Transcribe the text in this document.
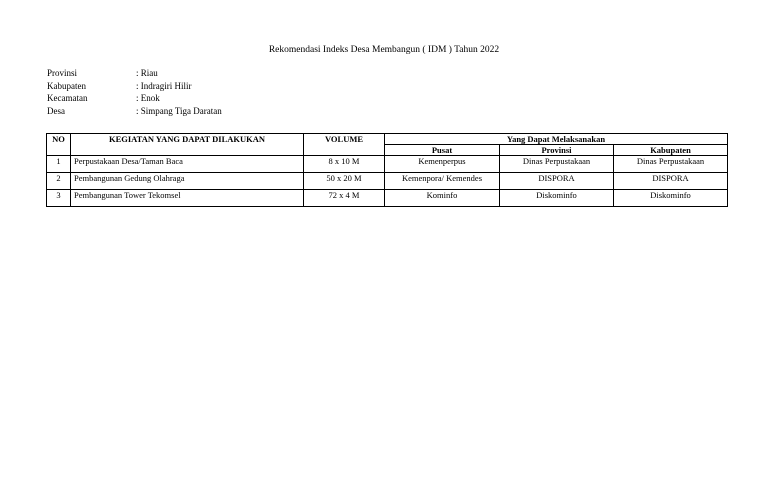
Rekomendasi Indeks Desa Membangun ( IDM ) Tahun 2022
Provinsi	: Riau
Kabupaten	: Indragiri Hilir
Kecamatan	: Enok
Desa	: Simpang Tiga Daratan
NO	KEGIATAN YANG DAPAT DILAKUKAN	VOLUME	Yang Dapat Melaksanakan		
			Pusat	Provinsi	Kabupaten
1	Perpustakaan Desa/Taman Baca	8 x 10 M	Kemenperpus	Dinas Perpustakaan	Dinas Perpustakaan
2	Pembangunan Gedung Olahraga	50 x 20 M	Kemenpora/ Kemendes	DISPORA	DISPORA
3	Pembangunan Tower Tekomsel	72 x 4 M	Kominfo	Diskominfo	Diskominfo
